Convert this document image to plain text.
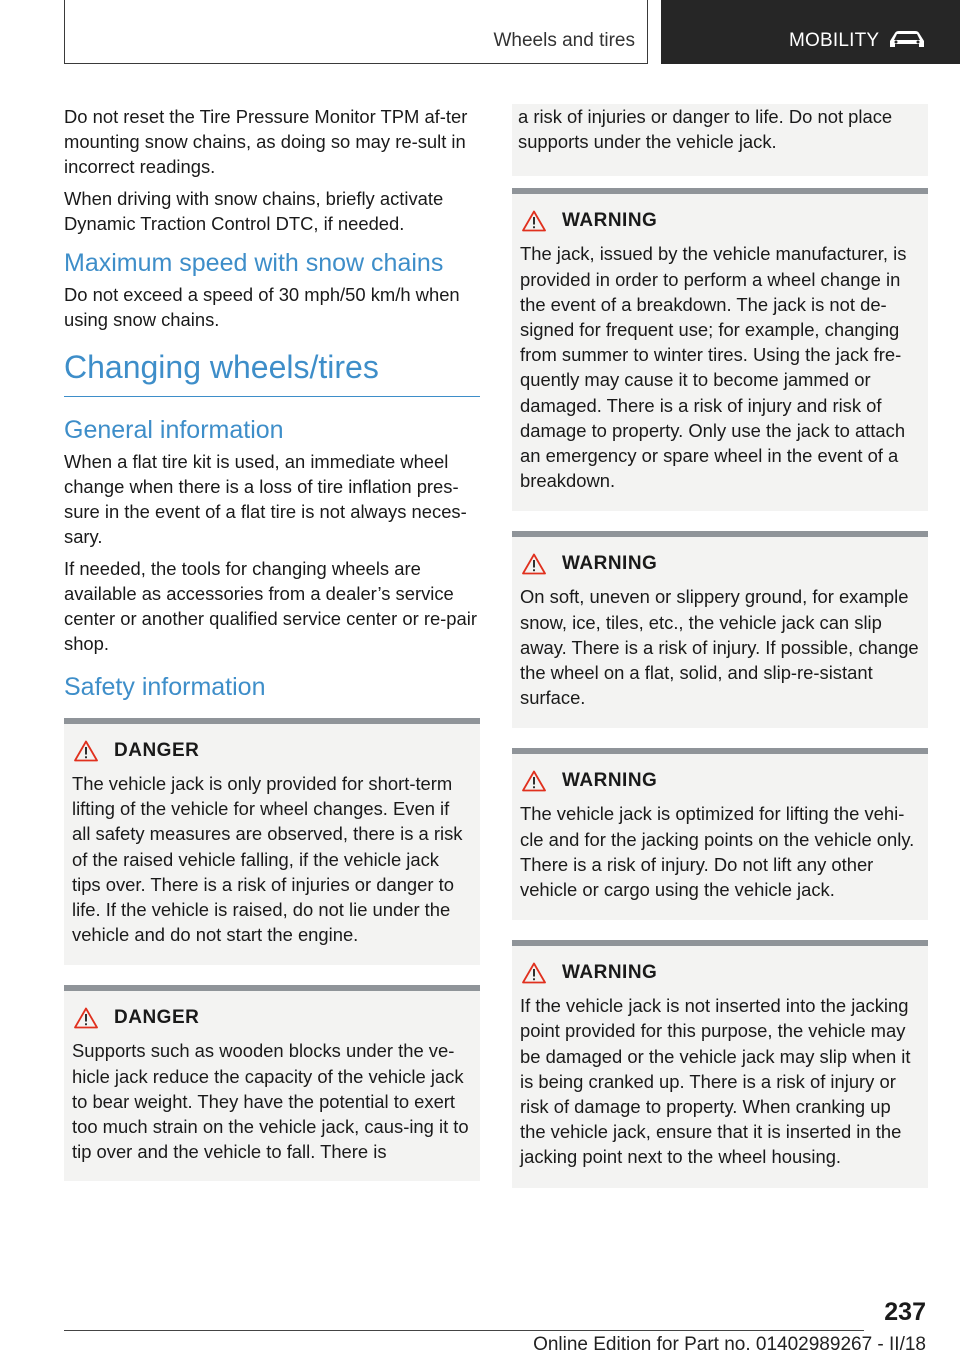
Wheels and tires	MOBILITY

Do not reset the Tire Pressure Monitor TPM af-ter mounting snow chains, as doing so may re-sult in incorrect readings.

When driving with snow chains, briefly activate Dynamic Traction Control DTC, if needed.

Maximum speed with snow chains

Do not exceed a speed of 30 mph/50 km/h when using snow chains.

Changing wheels/tires
General information

When a flat tire kit is used, an immediate wheel change when there is a loss of tire inflation pres-sure in the event of a flat tire is not always neces-sary.

If needed, the tools for changing wheels are available as accessories from a dealer’s service center or another qualified service center or re-pair shop.

Safety information
DANGER

The vehicle jack is only provided for short-term lifting of the vehicle for wheel changes. Even if all safety measures are observed, there is a risk of the raised vehicle falling, if the vehicle jack tips over. There is a risk of injuries or danger to life. If the vehicle is raised, do not lie under the vehicle and do not start the engine.

DANGER

Supports such as wooden blocks under the ve-hicle jack reduce the capacity of the vehicle jack to bear weight. They have the potential to exert too much strain on the vehicle jack, caus-ing it to tip over and the vehicle to fall. There is

a risk of injuries or danger to life. Do not place supports under the vehicle jack.

WARNING

The jack, issued by the vehicle manufacturer, is provided in order to perform a wheel change in the event of a breakdown. The jack is not de-signed for frequent use; for example, changing from summer to winter tires. Using the jack fre-quently may cause it to become jammed or damaged. There is a risk of injury and risk of damage to property. Only use the jack to attach an emergency or spare wheel in the event of a breakdown.

WARNING

On soft, uneven or slippery ground, for example snow, ice, tiles, etc., the vehicle jack can slip away. There is a risk of injury. If possible, change the wheel on a flat, solid, and slip-re-sistant surface.

WARNING

The vehicle jack is optimized for lifting the vehi-cle and for the jacking points on the vehicle only. There is a risk of injury. Do not lift any other vehicle or cargo using the vehicle jack.

WARNING

If the vehicle jack is not inserted into the jacking point provided for this purpose, the vehicle may be damaged or the vehicle jack may slip when it is being cranked up. There is a risk of injury or risk of damage to property. When cranking up the vehicle jack, ensure that it is inserted in the jacking point next to the wheel housing.

237
Online Edition for Part no. 01402989267 - II/18
